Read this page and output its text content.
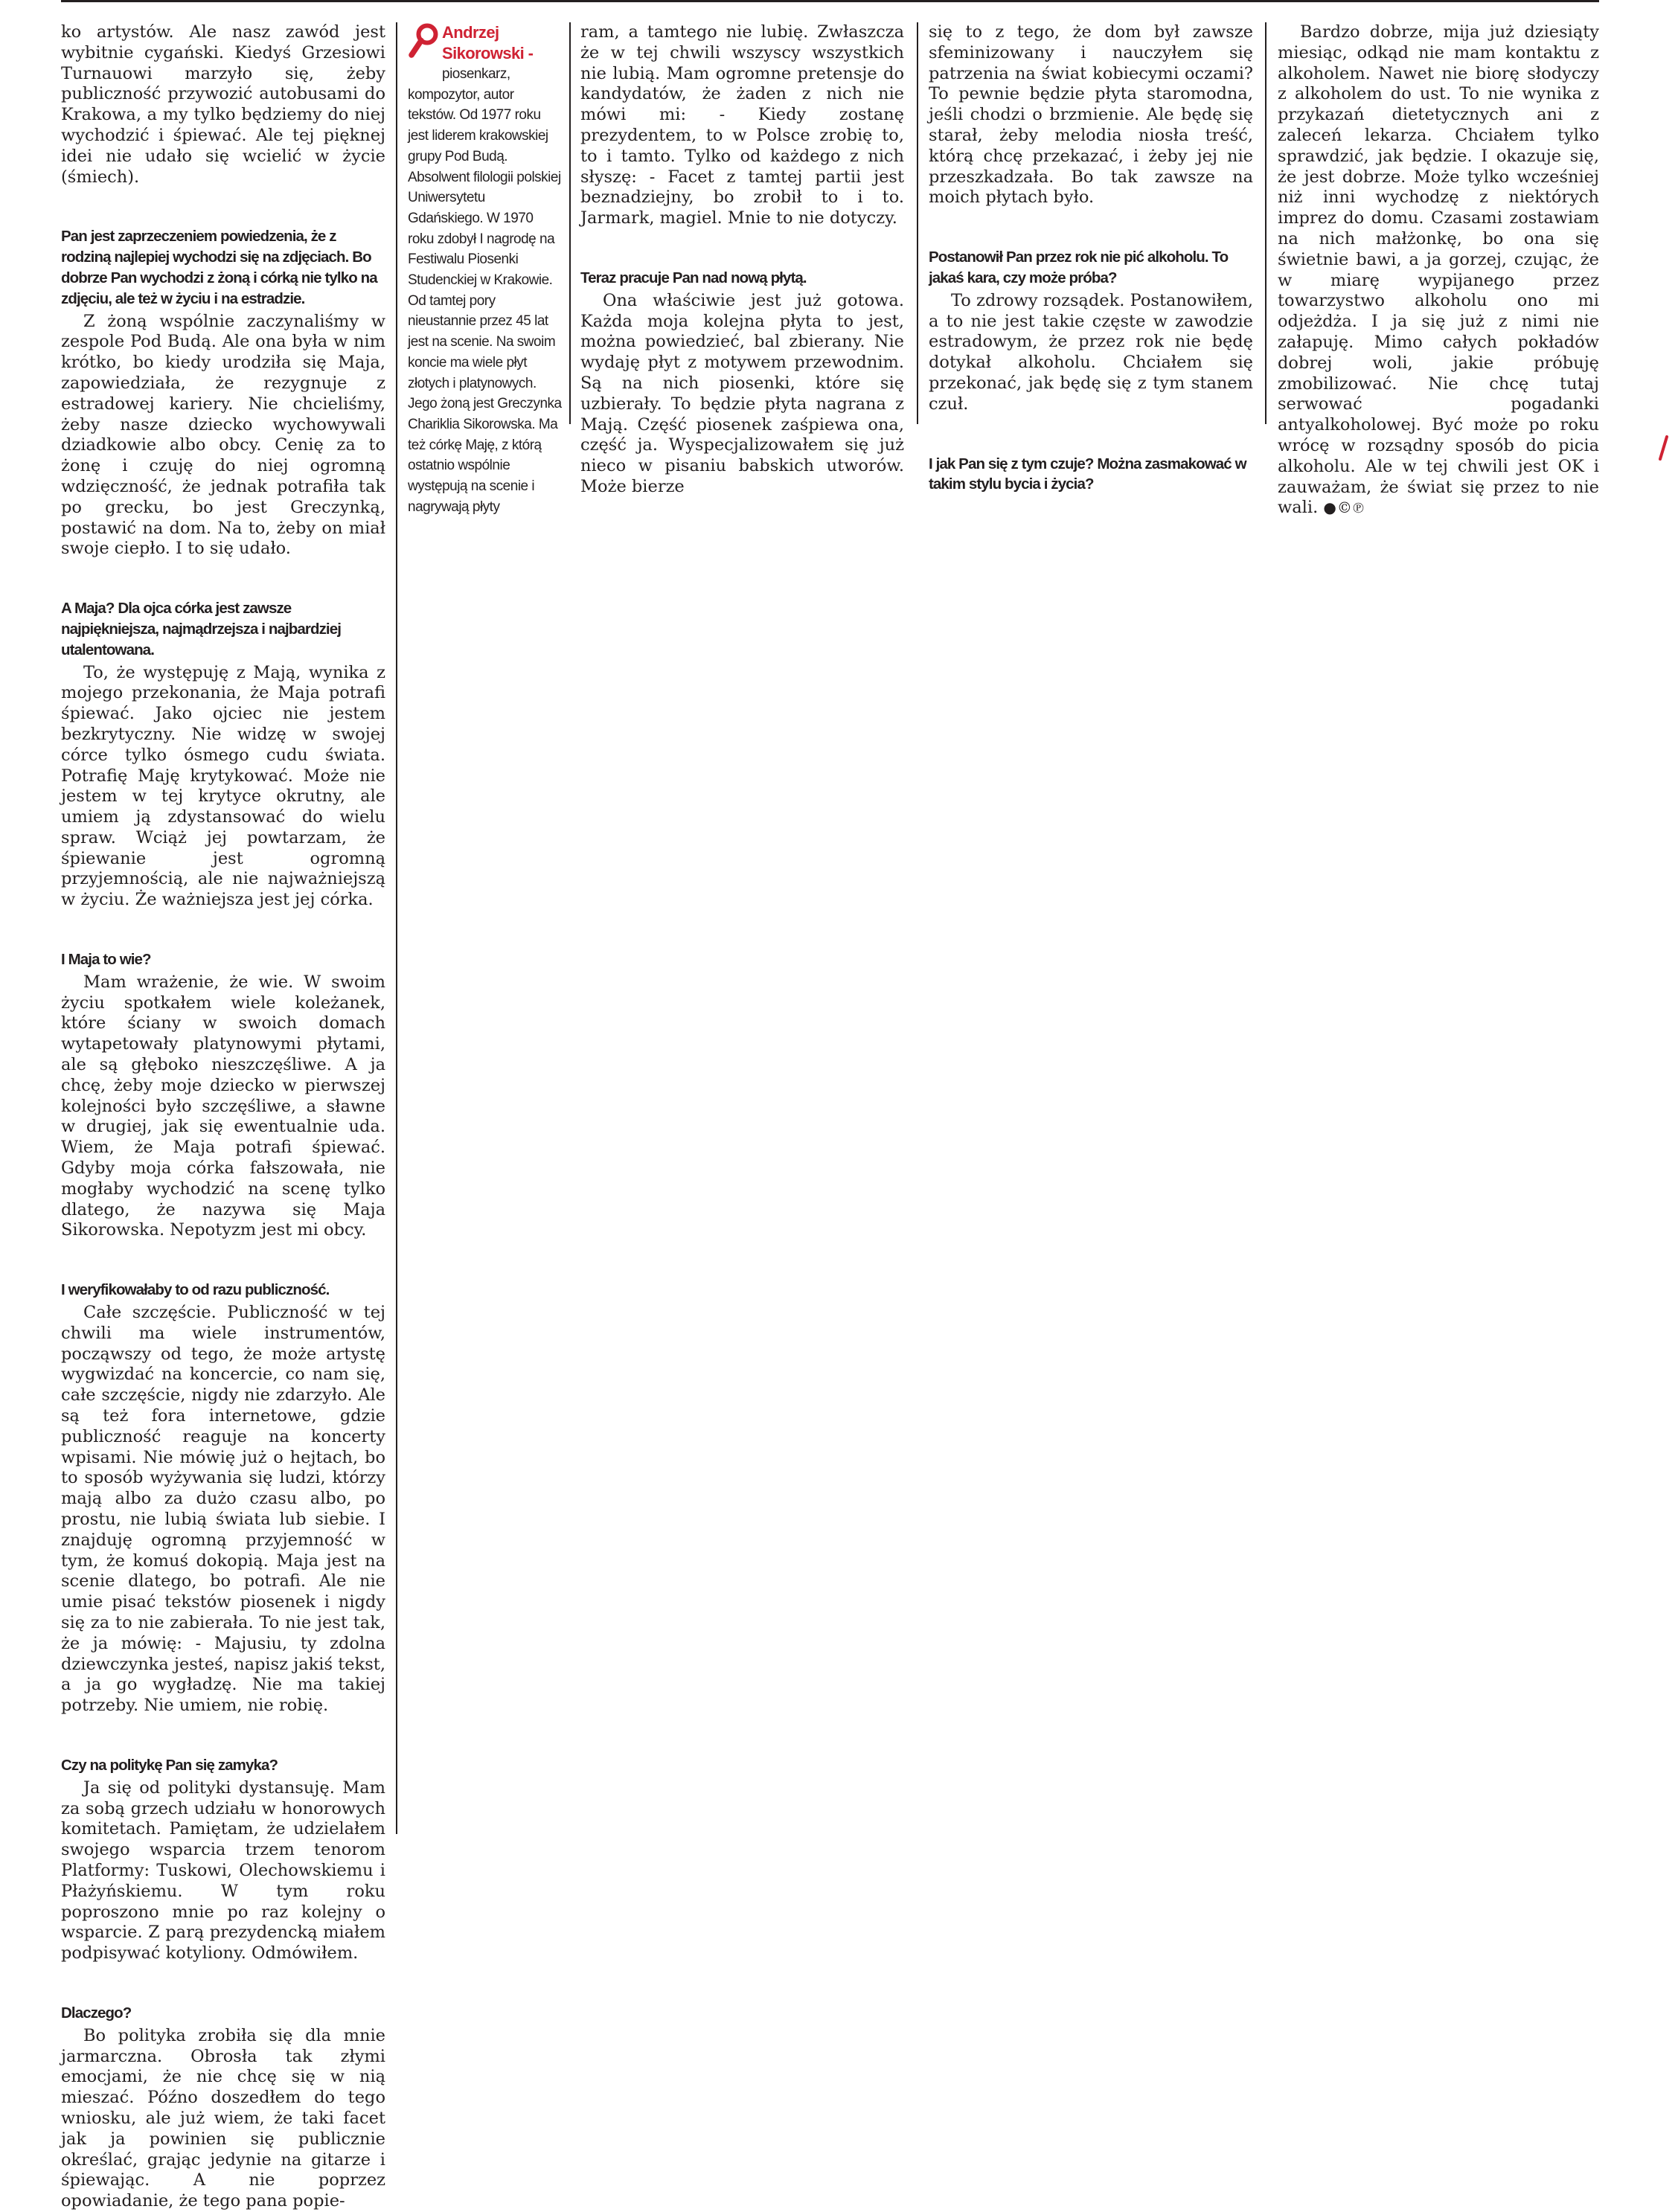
ko artystów. Ale nasz zawód jest wybitnie cygański. Kiedyś Grzesiowi Turnauowi marzyło się, żeby publiczność przywozić autobusami do Krakowa, a my tylko będziemy do niej wychodzić i śpiewać. Ale tej pięknej idei nie udało się wcielić w życie (śmiech).

Pan jest zaprzeczeniem powiedzenia, że z rodziną najlepiej wychodzi się na zdjęciach. Bo dobrze Pan wychodzi z żoną i córką nie tylko na zdjęciu, ale też w życiu i na estradzie.

Z żoną wspólnie zaczynaliśmy w zespole Pod Budą. Ale ona była w nim krótko, bo kiedy urodziła się Maja, zapowiedziała, że rezygnuje z estradowej kariery. Nie chcieliśmy, żeby nasze dziecko wychowywali dziadkowie albo obcy. Cenię za to żonę i czuję do niej ogromną wdzięczność, że jednak potrafiła tak po grecku, bo jest Greczynką, postawić na dom. Na to, żeby on miał swoje ciepło. I to się udało.

A Maja? Dla ojca córka jest zawsze najpiękniejsza, najmądrzejsza i najbardziej utalentowana.

To, że występuję z Mają, wynika z mojego przekonania, że Maja potrafi śpiewać. Jako ojciec nie jestem bezkrytyczny. Nie widzę w swojej córce tylko ósmego cudu świata. Potrafię Maję krytykować. Może nie jestem w tej krytyce okrutny, ale umiem ją zdystansować do wielu spraw. Wciąż jej powtarzam, że śpiewanie jest ogromną przyjemnością, ale nie najważniejszą w życiu. Że ważniejsza jest jej córka.

I Maja to wie?

Mam wrażenie, że wie. W swoim życiu spotkałem wiele koleżanek, które ściany w swoich domach wytapetowały platynowymi płytami, ale są głęboko nieszczęśliwe. A ja chcę, żeby moje dziecko w pierwszej kolejności było szczęśliwe, a sławne w drugiej, jak się ewentualnie uda. Wiem, że Maja potrafi śpiewać. Gdyby moja córka fałszowała, nie mogłaby wychodzić na scenę tylko dlatego, że nazywa się Maja Sikorowska. Nepotyzm jest mi obcy.

I weryfikowałaby to od razu publiczność.

Całe szczęście. Publiczność w tej chwili ma wiele instrumentów, począwszy od tego, że może artystę wygwizdać na koncercie, co nam się, całe szczęście, nigdy nie zdarzyło. Ale są też fora internetowe, gdzie publiczność reaguje na koncerty wpisami. Nie mówię już o hejtach, bo to sposób wyżywania się ludzi, którzy mają albo za dużo czasu albo, po prostu, nie lubią świata lub siebie. I znajduję ogromną przyjemność w tym, że komuś dokopią. Maja jest na scenie dlatego, bo potrafi. Ale nie umie pisać tekstów piosenek i nigdy się za to nie zabierała. To nie jest tak, że ja mówię: - Majusiu, ty zdolna dziewczynka jesteś, napisz jakiś tekst, a ja go wygładzę. Nie ma takiej potrzeby. Nie umiem, nie robię.

Czy na politykę Pan się zamyka?

Ja się od polityki dystansuję. Mam za sobą grzech udziału w honorowych komitetach. Pamiętam, że udzielałem swojego wsparcia trzem tenorom Platformy: Tuskowi, Olechowskiemu i Płażyńskiemu. W tym roku poproszono mnie po raz kolejny o wsparcie. Z parą prezydencką miałem podpisywać kotyliony. Odmówiłem.

Dlaczego?

Bo polityka zrobiła się dla mnie jarmarczna. Obrosła tak złymi emocjami, że nie chcę się w nią mieszać. Późno doszedłem do tego wniosku, ale już wiem, że taki facet jak ja powinien się publicznie określać, grając jedynie na gitarze i śpiewając. A nie poprzez opowiadanie, że tego pana popie-

Andrzej Sikorowski -

piosenkarz, kompozytor, autor tekstów. Od 1977 roku jest liderem krakowskiej grupy Pod Budą. Absolwent filologii polskiej Uniwersytetu Gdańskiego. W 1970 roku zdobył I nagrodę na Festiwalu Piosenki Studenckiej w Krakowie. Od tamtej pory nieustannie przez 45 lat jest na scenie. Na swoim koncie ma wiele płyt złotych i platynowych. Jego żoną jest Greczynka Chariklia Sikorowska. Ma też córkę Maję, z którą ostatnio wspólnie występują na scenie i nagrywają płyty

ram, a tamtego nie lubię. Zwłaszcza że w tej chwili wszyscy wszystkich nie lubią. Mam ogromne pretensje do kandydatów, że żaden z nich nie mówi mi: - Kiedy zostanę prezydentem, to w Polsce zrobię to, to i tamto. Tylko od każdego z nich słyszę: - Facet z tamtej partii jest beznadziejny, bo zrobił to i to. Jarmark, magiel. Mnie to nie dotyczy.

Teraz pracuje Pan nad nową płytą.

Ona właściwie jest już gotowa. Każda moja kolejna płyta to jest, można powiedzieć, bal zbierany. Nie wydaję płyt z motywem przewodnim. Są na nich piosenki, które się uzbierały. To będzie płyta nagrana z Mają. Część piosenek zaśpiewa ona, część ja. Wyspecjalizowałem się już nieco w pisaniu babskich utworów. Może bierze

się to z tego, że dom był zawsze sfeminizowany i nauczyłem się patrzenia na świat kobiecymi oczami? To pewnie będzie płyta staromodna, jeśli chodzi o brzmienie. Ale będę się starał, żeby melodia niosła treść, którą chcę przekazać, i żeby jej nie przeszkadzała. Bo tak zawsze na moich płytach było.

Postanowił Pan przez rok nie pić alkoholu. To jakaś kara, czy może próba?

To zdrowy rozsądek. Postanowiłem, a to nie jest takie częste w zawodzie estradowym, że przez rok nie będę dotykał alkoholu. Chciałem się przekonać, jak będę się z tym stanem czuł.

I jak Pan się z tym czuje? Można zasmakować w takim stylu bycia i życia?

Bardzo dobrze, mija już dziesiąty miesiąc, odkąd nie mam kontaktu z alkoholem. Nawet nie biorę słodyczy z alkoholem do ust. To nie wynika z przykazań dietetycznych ani z zaleceń lekarza. Chciałem tylko sprawdzić, jak będzie. I okazuje się, że jest dobrze. Może tylko wcześniej niż inni wychodzę z niektórych imprez do domu. Czasami zostawiam na nich małżonkę, bo ona się świetnie bawi, a ja gorzej, czując, że w miarę wypijanego przez towarzystwo alkoholu ono mi odjeżdża. I ja się już z nimi nie załapuję. Mimo całych pokładów dobrej woli, jakie próbuję zmobilizować. Nie chcę tutaj serwować pogadanki antyalkoholowej. Być może po roku wrócę w rozsądny sposób do picia alkoholu. Ale w tej chwili jest OK i zauważam, że świat się przez to nie wali. ●©℗
